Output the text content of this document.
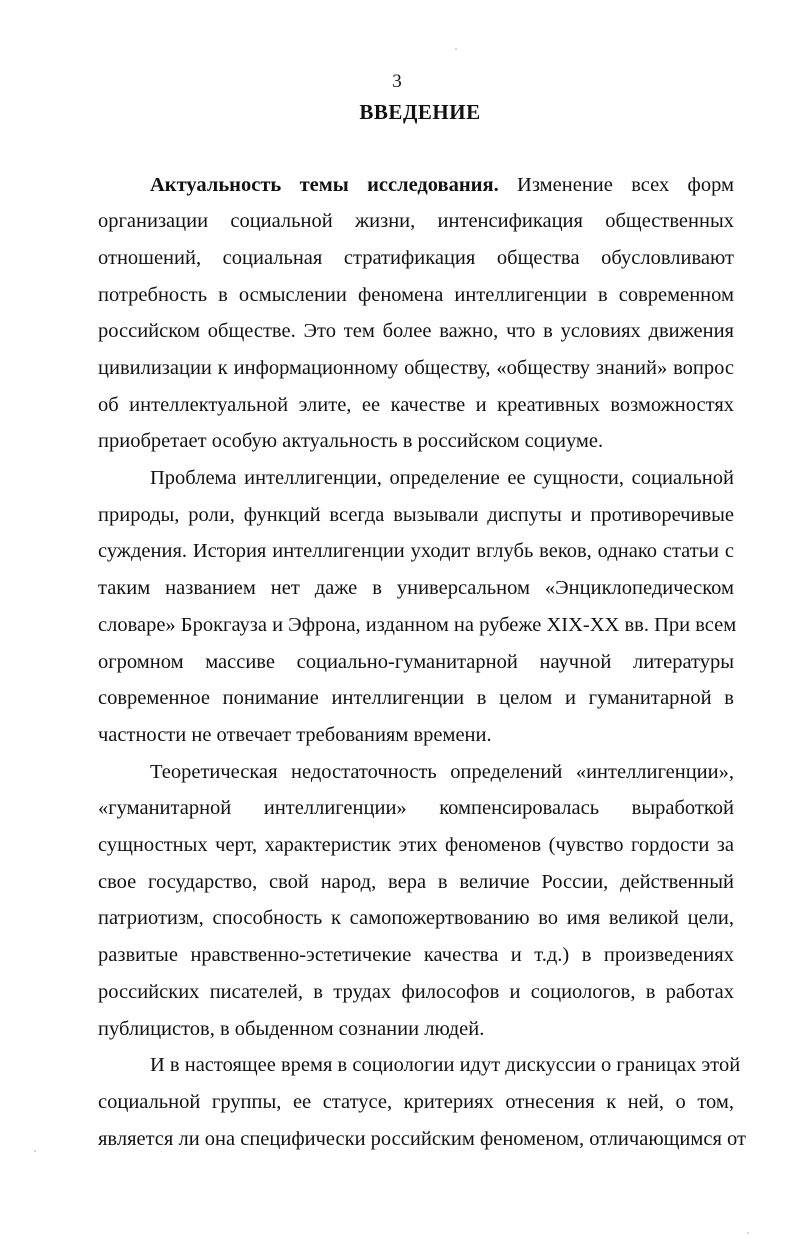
3
ВВЕДЕНИЕ
Актуальность темы исследования. Изменение всех форм
организации социальной жизни, интенсификация общественных
отношений, социальная стратификация общества обусловливают
потребность в осмыслении феномена интеллигенции в современном
российском обществе. Это тем более важно, что в условиях движения
цивилизации к информационному обществу, «обществу знаний» вопрос
об интеллектуальной элите, ее качестве и креативных возможностях
приобретает особую актуальность в российском социуме.
Проблема интеллигенции, определение ее сущности, социальной
природы, роли, функций всегда вызывали диспуты и противоречивые
суждения. История интеллигенции уходит вглубь веков, однако статьи с
таким названием нет даже в универсальном «Энциклопедическом
словаре» Брокгауза и Эфрона, изданном на рубеже XIX-XX вв. При всем
огромном массиве социально-гуманитарной научной литературы
современное понимание интеллигенции в целом и гуманитарной в
частности не отвечает требованиям времени.
Теоретическая недостаточность определений «интеллигенции»,
«гуманитарной интеллигенции» компенсировалась выработкой
сущностных черт, характеристик этих феноменов (чувство гордости за
свое государство, свой народ, вера в величие России, действенный
патриотизм, способность к самопожертвованию во имя великой цели,
развитые нравственно-эстетичекие качества и т.д.) в произведениях
российских писателей, в трудах философов и социологов, в работах
публицистов, в обыденном сознании людей.
И в настоящее время в социологии идут дискуссии о границах этой
социальной группы, ее статусе, критериях отнесения к ней, о том,
является ли она специфически российским феноменом, отличающимся от
